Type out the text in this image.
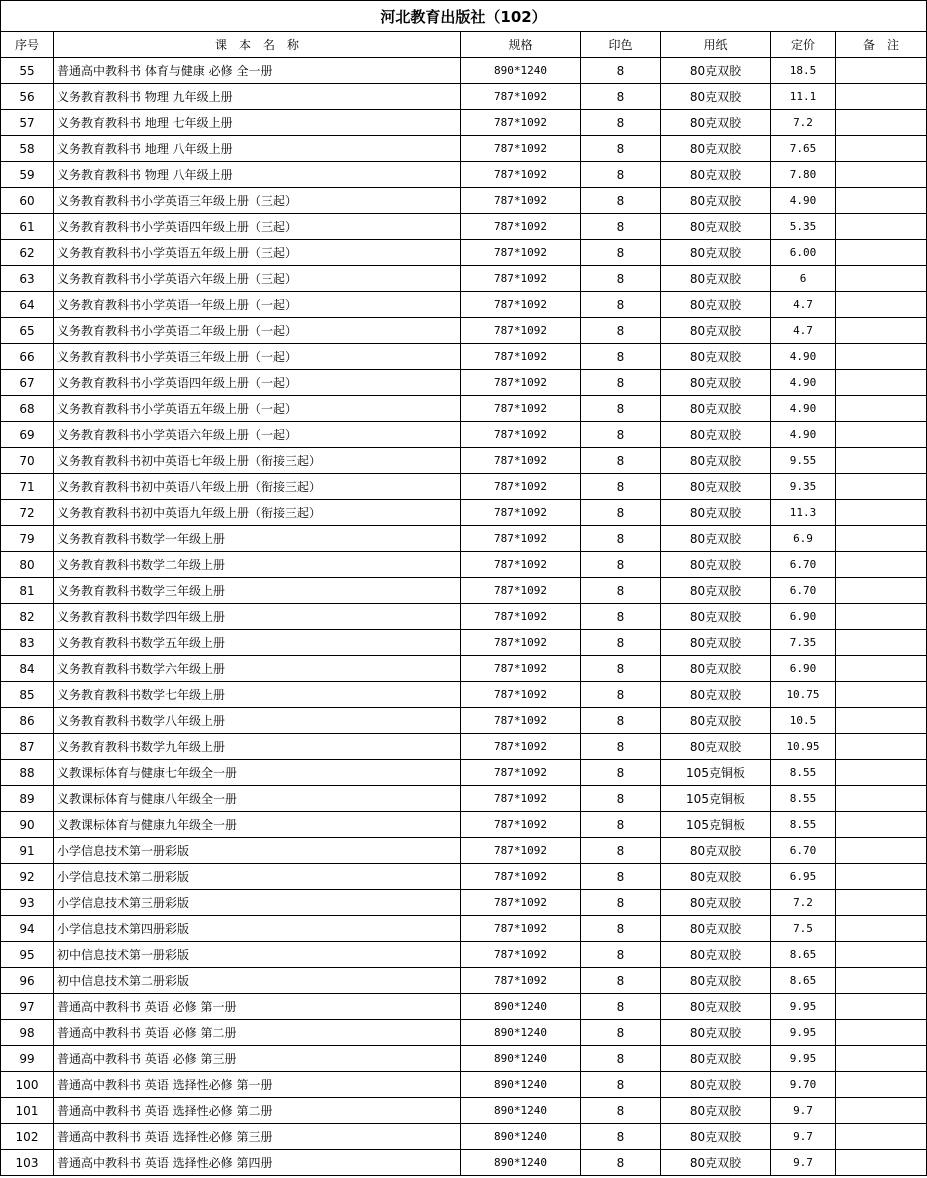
河北教育出版社（102）						
序号	课　本　名　称	规格	印色	用纸	定价	备　注
55	普通高中教科书 体育与健康 必修 全一册	890*1240	8	80克双胶	18.5	
56	义务教育教科书 物理 九年级上册	787*1092	8	80克双胶	11.1	
57	义务教育教科书 地理 七年级上册	787*1092	8	80克双胶	7.2	
58	义务教育教科书 地理 八年级上册	787*1092	8	80克双胶	7.65	
59	义务教育教科书 物理 八年级上册	787*1092	8	80克双胶	7.80	
60	义务教育教科书小学英语三年级上册（三起）	787*1092	8	80克双胶	4.90	
61	义务教育教科书小学英语四年级上册（三起）	787*1092	8	80克双胶	5.35	
62	义务教育教科书小学英语五年级上册（三起）	787*1092	8	80克双胶	6.00	
63	义务教育教科书小学英语六年级上册（三起）	787*1092	8	80克双胶	6	
64	义务教育教科书小学英语一年级上册（一起）	787*1092	8	80克双胶	4.7	
65	义务教育教科书小学英语二年级上册（一起）	787*1092	8	80克双胶	4.7	
66	义务教育教科书小学英语三年级上册（一起）	787*1092	8	80克双胶	4.90	
67	义务教育教科书小学英语四年级上册（一起）	787*1092	8	80克双胶	4.90	
68	义务教育教科书小学英语五年级上册（一起）	787*1092	8	80克双胶	4.90	
69	义务教育教科书小学英语六年级上册（一起）	787*1092	8	80克双胶	4.90	
70	义务教育教科书初中英语七年级上册（衔接三起）	787*1092	8	80克双胶	9.55	
71	义务教育教科书初中英语八年级上册（衔接三起）	787*1092	8	80克双胶	9.35	
72	义务教育教科书初中英语九年级上册（衔接三起）	787*1092	8	80克双胶	11.3	
79	义务教育教科书数学一年级上册	787*1092	8	80克双胶	6.9	
80	义务教育教科书数学二年级上册	787*1092	8	80克双胶	6.70	
81	义务教育教科书数学三年级上册	787*1092	8	80克双胶	6.70	
82	义务教育教科书数学四年级上册	787*1092	8	80克双胶	6.90	
83	义务教育教科书数学五年级上册	787*1092	8	80克双胶	7.35	
84	义务教育教科书数学六年级上册	787*1092	8	80克双胶	6.90	
85	义务教育教科书数学七年级上册	787*1092	8	80克双胶	10.75	
86	义务教育教科书数学八年级上册	787*1092	8	80克双胶	10.5	
87	义务教育教科书数学九年级上册	787*1092	8	80克双胶	10.95	
88	义教课标体育与健康七年级全一册	787*1092	8	105克铜板	8.55	
89	义教课标体育与健康八年级全一册	787*1092	8	105克铜板	8.55	
90	义教课标体育与健康九年级全一册	787*1092	8	105克铜板	8.55	
91	小学信息技术第一册彩版	787*1092	8	80克双胶	6.70	
92	小学信息技术第二册彩版	787*1092	8	80克双胶	6.95	
93	小学信息技术第三册彩版	787*1092	8	80克双胶	7.2	
94	小学信息技术第四册彩版	787*1092	8	80克双胶	7.5	
95	初中信息技术第一册彩版	787*1092	8	80克双胶	8.65	
96	初中信息技术第二册彩版	787*1092	8	80克双胶	8.65	
97	普通高中教科书 英语 必修 第一册	890*1240	8	80克双胶	9.95	
98	普通高中教科书 英语 必修 第二册	890*1240	8	80克双胶	9.95	
99	普通高中教科书 英语 必修 第三册	890*1240	8	80克双胶	9.95	
100	普通高中教科书 英语 选择性必修 第一册	890*1240	8	80克双胶	9.70	
101	普通高中教科书 英语 选择性必修 第二册	890*1240	8	80克双胶	9.7	
102	普通高中教科书 英语 选择性必修 第三册	890*1240	8	80克双胶	9.7	
103	普通高中教科书 英语 选择性必修 第四册	890*1240	8	80克双胶	9.7	
